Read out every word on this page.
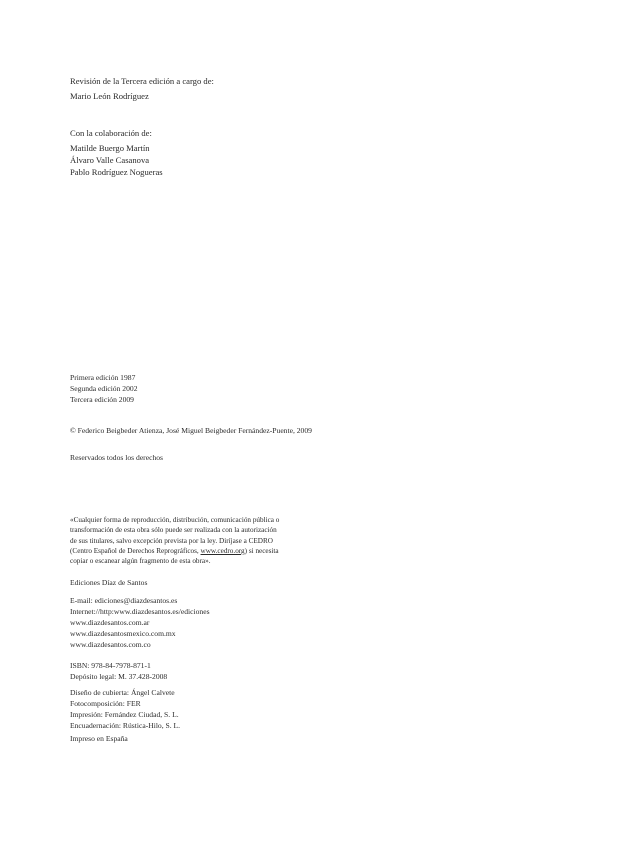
Revisión de la Tercera edición a cargo de:
Mario León Rodríguez
Con la colaboración de:
Matilde Buergo Martín
Álvaro Valle Casanova
Pablo Rodríguez Nogueras
Primera edición 1987
Segunda edición 2002
Tercera edición 2009
© Federico Beigbeder Atienza, José Miguel Beigbeder Fernández-Puente, 2009
Reservados todos los derechos
«Cualquier forma de reproducción, distribución, comunicación pública o
transformación de esta obra sólo puede ser realizada con la autorización
de sus titulares, salvo excepción prevista por la ley. Diríjase a CEDRO
(Centro Español de Derechos Reprográficos, www.cedro.org) si necesita
copiar o escanear algún fragmento de esta obra».
Ediciones Díaz de Santos
E-mail: ediciones@diazdesantos.es
Internet://http:www.diazdesantos.es/ediciones
www.diazdesantos.com.ar
www.diazdesantosmexico.com.mx
www.diazdesantos.com.co
ISBN: 978-84-7978-871-1
Depósito legal: M. 37.428-2008
Diseño de cubierta: Ángel Calvete
Fotocomposición: FER
Impresión: Fernández Ciudad, S. L.
Encuadernación: Rústica-Hilo, S. L.
Impreso en España
